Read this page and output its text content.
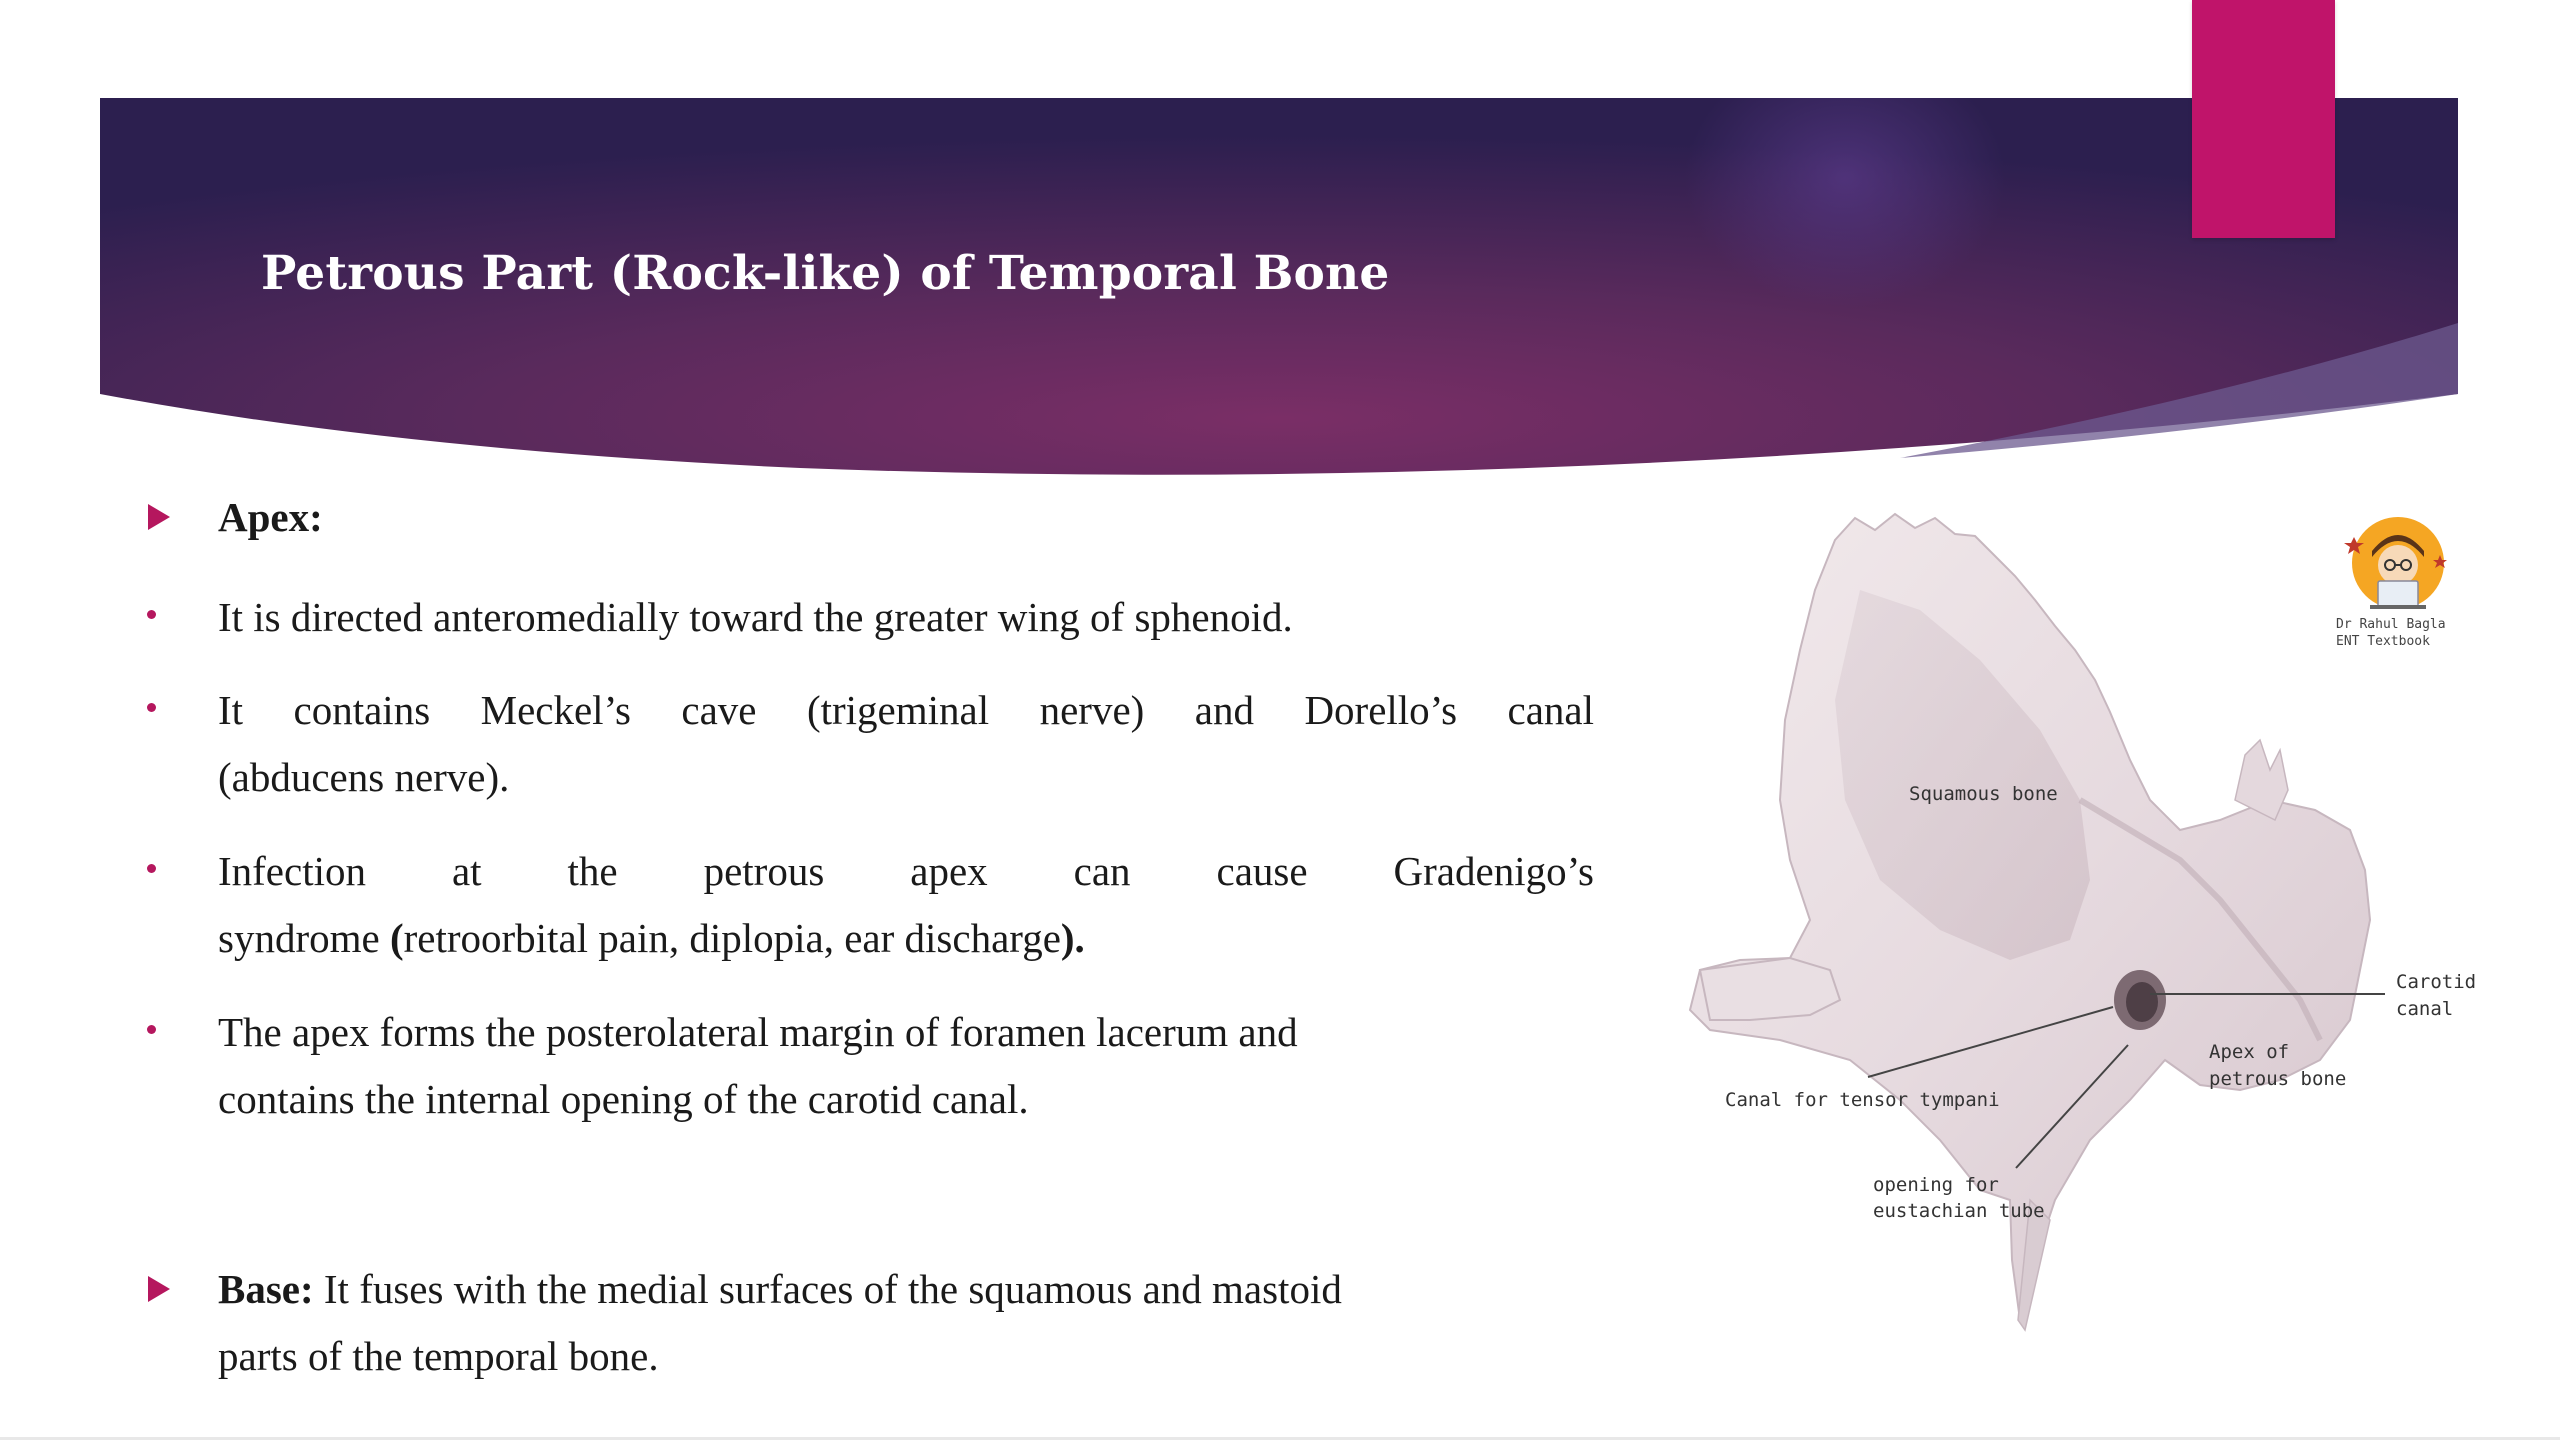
Petrous Part (Rock-like) of Temporal Bone
Apex:
It is directed anteromedially toward the greater wing of sphenoid.
It contains Meckel’s cave (trigeminal nerve) and Dorello’s canal
(abducens nerve).
Infection at the petrous apex can cause Gradenigo’s
syndrome (retroorbital pain, diplopia, ear discharge).
The apex forms the posterolateral margin of foramen lacerum and
contains the internal opening of the carotid canal.
Base: It fuses with the medial surfaces of the squamous and mastoid
parts of the temporal bone.
Squamous bone
Carotid
canal
Apex of
petrous bone
Canal for tensor tympani
opening for
eustachian tube
Dr Rahul Bagla
ENT Textbook
